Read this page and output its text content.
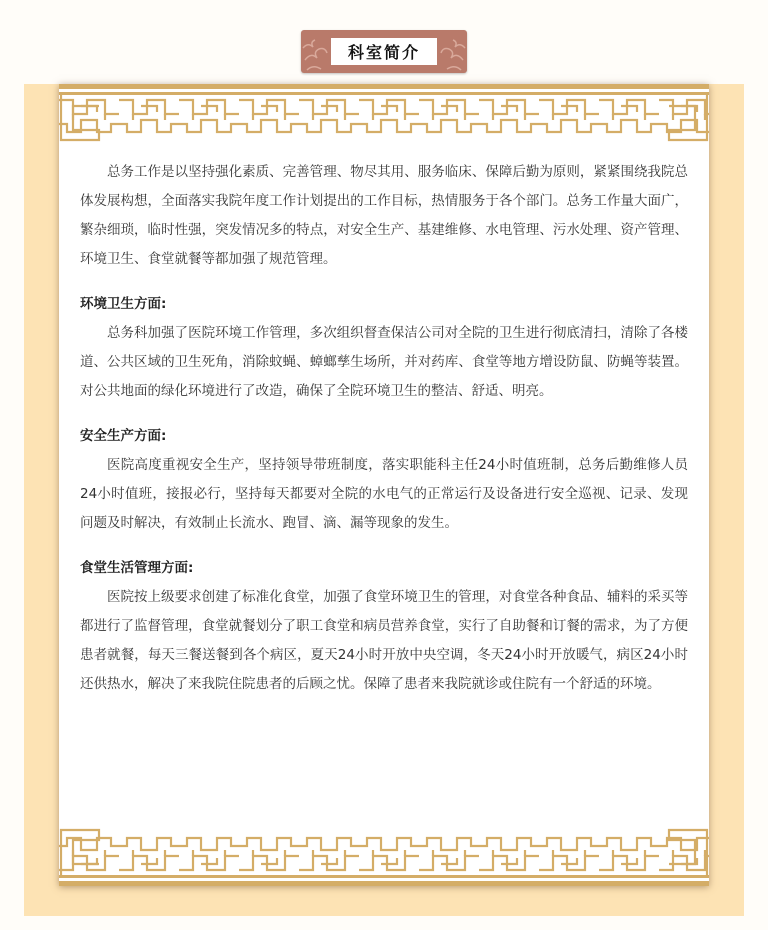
科室简介

总务工作是以坚持强化素质、完善管理、物尽其用、服务临床、保障后勤为原则，紧紧围绕我院总体发展构想，全面落实我院年度工作计划提出的工作目标，热情服务于各个部门。总务工作量大面广，繁杂细琐，临时性强，突发情况多的特点，对安全生产、基建维修、水电管理、污水处理、资产管理、环境卫生、食堂就餐等都加强了规范管理。

环境卫生方面:

总务科加强了医院环境工作管理，多次组织督查保洁公司对全院的卫生进行彻底清扫，清除了各楼道、公共区域的卫生死角，消除蚊蝇、蟑螂孳生场所，并对药库、食堂等地方增设防鼠、防蝇等装置。对公共地面的绿化环境进行了改造，确保了全院环境卫生的整洁、舒适、明亮。

安全生产方面:

医院高度重视安全生产，坚持领导带班制度，落实职能科主任24小时值班制，总务后勤维修人员24小时值班，接报必行，坚持每天都要对全院的水电气的正常运行及设备进行安全巡视、记录、发现问题及时解决，有效制止长流水、跑冒、滴、漏等现象的发生。

食堂生活管理方面:

医院按上级要求创建了标准化食堂，加强了食堂环境卫生的管理，对食堂各种食品、辅料的采买等都进行了监督管理，食堂就餐划分了职工食堂和病员营养食堂，实行了自助餐和订餐的需求，为了方便患者就餐，每天三餐送餐到各个病区，夏天24小时开放中央空调，冬天24小时开放暖气，病区24小时还供热水，解决了来我院住院患者的后顾之忧。保障了患者来我院就诊或住院有一个舒适的环境。
